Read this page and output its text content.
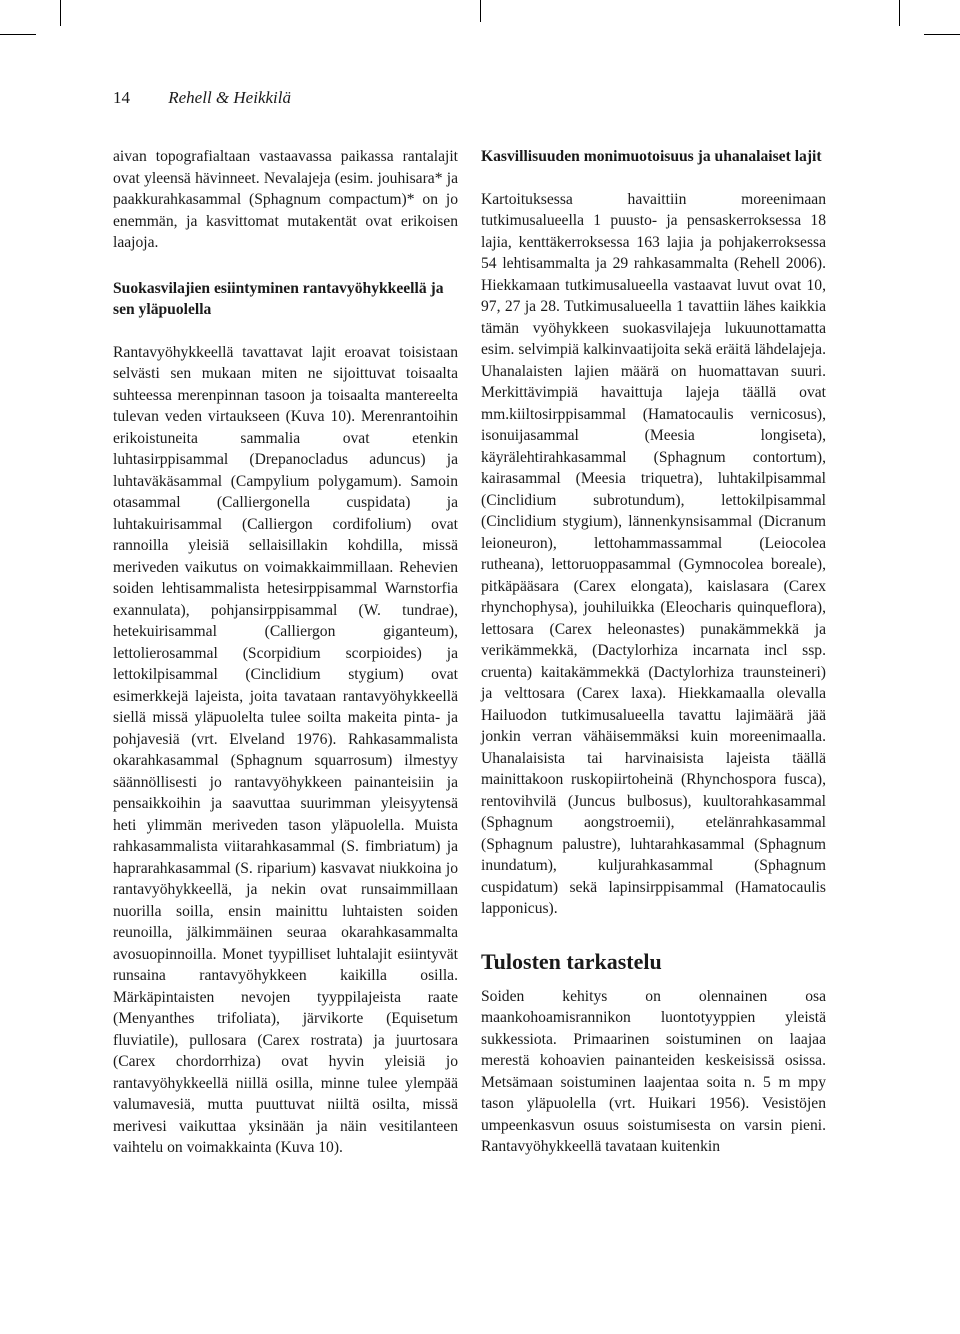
14 Rehell & Heikkilä

aivan topografialtaan vastaavassa paikassa rantalajit ovat yleensä hävinneet. Nevalajeja (esim. jouhisara* ja paakkurahkasammal (Sphagnum compactum)* on jo enemmän, ja kasvittomat mutakentät ovat erikoisen laajoja.

Suokasvilajien esiintyminen rantavyöhykkeellä ja sen yläpuolella

Rantavyöhykkeellä tavattavat lajit eroavat toisistaan selvästi sen mukaan miten ne sijoittuvat toisaalta suhteessa merenpinnan tasoon ja toisaalta mantereelta tulevan veden virtaukseen (Kuva 10). Merenrantoihin erikoistuneita sammalia ovat etenkin luhtasirppisammal (Drepanocladus aduncus) ja luhtaväkäsammal (Campylium polygamum). Samoin otasammal (Calliergonella cuspidata) ja luhtakuirisammal (Calliergon cordifolium) ovat rannoilla yleisiä sellaisillakin kohdilla, missä meriveden vaikutus on voimakkaimmillaan. Rehevien soiden lehtisammalista hetesirppisammal Warnstorfia exannulata), pohjansirppisammal (W. tundrae), hetekuirisammal (Calliergon giganteum), lettolierosammal (Scorpidium scorpioides) ja lettokilpisammal (Cinclidium stygium) ovat esimerkkejä lajeista, joita tavataan rantavyöhykkeellä siellä missä yläpuolelta tulee soilta makeita pinta- ja pohjavesiä (vrt. Elveland 1976). Rahkasammalista okarahkasammal (Sphagnum squarrosum) ilmestyy säännöllisesti jo rantavyöhykkeen painanteisiin ja pensaikkoihin ja saavuttaa suurimman yleisyytensä heti ylimmän meriveden tason yläpuolella. Muista rahkasammalista viitarahkasammal (S. fimbriatum) ja haprarahkasammal (S. riparium) kasvavat niukkoina jo rantavyöhykkeellä, ja nekin ovat runsaimmillaan nuorilla soilla, ensin mainittu luhtaisten soiden reunoilla, jälkimmäinen seuraa okarahkasammalta avosuopinnoilla. Monet tyypilliset luhtalajit esiintyvät runsaina rantavyöhykkeen kaikilla osilla. Märkäpintaisten nevojen tyyppilajeista raate (Menyanthes trifoliata), järvikorte (Equisetum fluviatile), pullosara (Carex rostrata) ja juurtosara (Carex chordorrhiza) ovat hyvin yleisiä jo rantavyöhykkeellä niillä osilla, minne tulee ylempää valumavesiä, mutta puuttuvat niiltä osilta, missä merivesi vaikuttaa yksinään ja näin vesitilanteen vaihtelu on voimakkainta (Kuva 10).

Kasvillisuuden monimuotoisuus ja uhanalaiset lajit

Kartoituksessa havaittiin moreenimaan tutkimusalueella 1 puusto- ja pensaskerroksessa 18 lajia, kenttäkerroksessa 163 lajia ja pohjakerroksessa 54 lehtisammalta ja 29 rahkasammalta (Rehell 2006). Hiekkamaan tutkimusalueella vastaavat luvut ovat 10, 97, 27 ja 28. Tutkimusalueella 1 tavattiin lähes kaikkia tämän vyöhykkeen suokasvilajeja lukuunottamatta esim. selvimpiä kalkinvaatijoita sekä eräitä lähdelajeja. Uhanalaisten lajien määrä on huomattavan suuri. Merkittävimpiä havaittuja lajeja täällä ovat mm.kiiltosirppisammal (Hamatocaulis vernicosus), isonuijasammal (Meesia longiseta), käyrälehtirahkasammal (Sphagnum contortum), kairasammal (Meesia triquetra), luhtakilpisammal (Cinclidium subrotundum), lettokilpisammal (Cinclidium stygium), lännenkynsisammal (Dicranum leioneuron), lettohammassammal (Leiocolea rutheana), lettoruoppasammal (Gymnocolea boreale), pitkäpääsara (Carex elongata), kaislasara (Carex rhynchophysa), jouhiluikka (Eleocharis quinqueflora), lettosara (Carex heleonastes) punakämmekkä ja verikämmekkä, (Dactylorhiza incarnata incl ssp. cruenta) kaitakämmekkä (Dactylorhiza traunsteineri) ja velttosara (Carex laxa). Hiekkamaalla olevalla Hailuodon tutkimusalueella tavattu lajimäärä jää jonkin verran vähäisemmäksi kuin moreenimaalla. Uhanalaisista tai harvinaisista lajeista täällä mainittakoon ruskopiirtoheinä (Rhynchospora fusca), rentovihvilä (Juncus bulbosus), kuultorahkasammal (Sphagnum aongstroemii), etelänrahkasammal (Sphagnum palustre), luhtarahkasammal (Sphagnum inundatum), kuljurahkasammal (Sphagnum cuspidatum) sekä lapinsirppisammal (Hamatocaulis lapponicus).

Tulosten tarkastelu

Soiden kehitys on olennainen osa maankohoamisrannikon luontotyyppien yleistä sukkessiota. Primaarinen soistuminen on laajaa merestä kohoavien painanteiden keskeisissä osissa. Metsämaan soistuminen laajentaa soita n. 5 m mpy tason yläpuolella (vrt. Huikari 1956). Vesistöjen umpeenkasvun osuus soistumisesta on varsin pieni. Rantavyöhykkeellä tavataan kuitenkin
